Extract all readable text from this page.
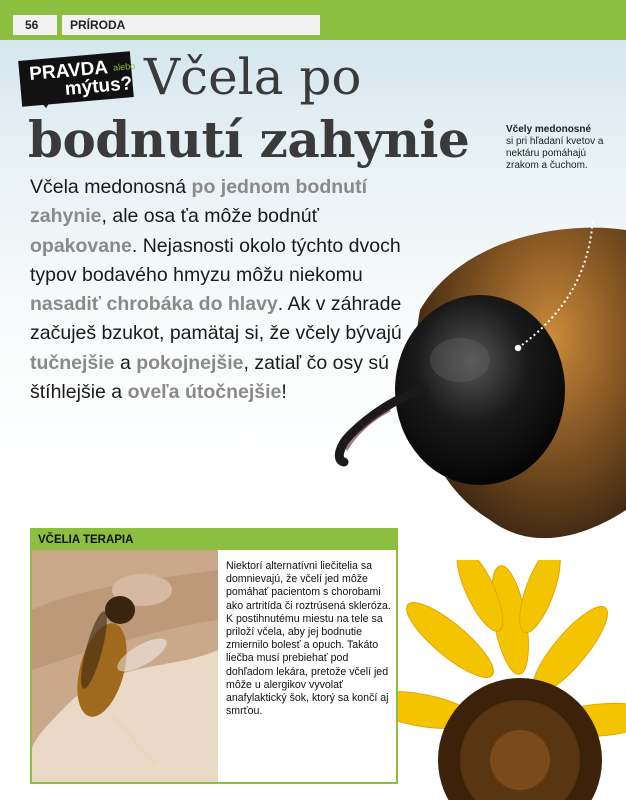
56	PRÍRODA
PRAVDA alebo
mýtus? Včela po
bodnutí zahynie
Včela medonosná po jednom bodnutí zahynie, ale osa ťa môže bodnúť opakovane. Nejasnosti okolo týchto dvoch typov bodavého hmyzu môžu niekomu nasadiť chrobáka do hlavy. Ak v záhrade začuješ bzukot, pamätaj si, že včely bývajú tučnejšie a pokojnejšie, zatiaľ čo osy sú štíhlejšie a oveľa útočnejšie!
Včely medonosné
si pri hľadaní kvetov a nektáru pomáhajú zrakom a čuchom.
VČELIA TERAPIA
Niektorí alternatívni liečitelia sa domnievajú, že včelí jed môže pomáhať pacientom s chorobami ako artritída či roztrúsená skleróza. K postihnutému miestu na tele sa priloží včela, aby jej bodnutie zmiernilo bolesť a opuch. Takáto liečba musí prebiehať pod dohľadom lekára, pretože včelí jed môže u alergikov vyvolať anafylaktický šok, ktorý sa končí aj smrťou.
